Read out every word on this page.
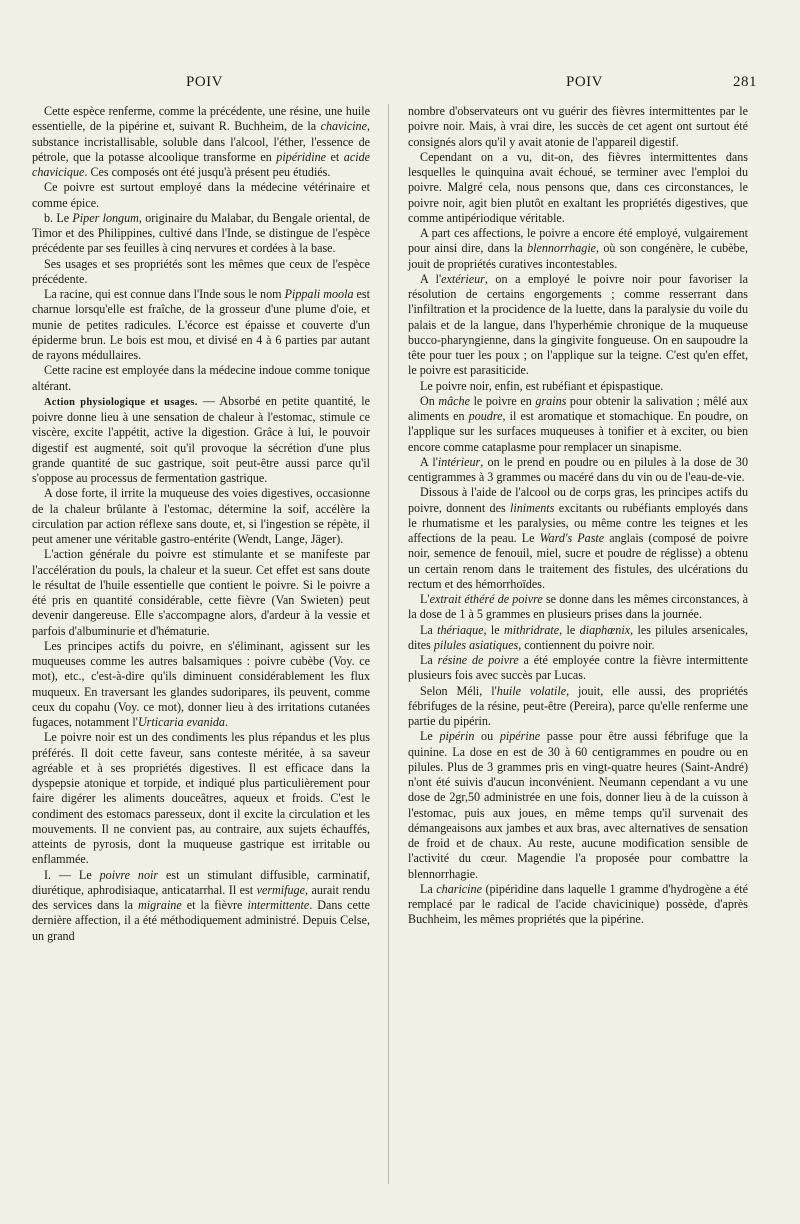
POIV	POIV	281

Cette espèce renferme, comme la précédente, une résine, une huile essentielle, de la pipérine et, suivant R. Buchheim, de la chavicine, substance incristallisable, soluble dans l'alcool, l'éther, l'essence de pétrole, que la potasse alcoolique transforme en pipéridine et acide chavicique. Ces composés ont été jusqu'à présent peu étudiés.

Ce poivre est surtout employé dans la médecine vétérinaire et comme épice.

b. Le Piper longum, originaire du Malabar, du Bengale oriental, de Timor et des Philippines, cultivé dans l'Inde, se distingue de l'espèce précédente par ses feuilles à cinq nervures et cordées à la base.

Ses usages et ses propriétés sont les mêmes que ceux de l'espèce précédente.

La racine, qui est connue dans l'Inde sous le nom Pippali moola est charnue lorsqu'elle est fraîche, de la grosseur d'une plume d'oie, et munie de petites radicules. L'écorce est épaisse et couverte d'un épiderme brun. Le bois est mou, et divisé en 4 à 6 parties par autant de rayons médullaires.

Cette racine est employée dans la médecine indoue comme tonique altérant.

Action physiologique et usages. — Absorbé en petite quantité, le poivre donne lieu à une sensation de chaleur à l'estomac, stimule ce viscère, excite l'appétit, active la digestion. Grâce à lui, le pouvoir digestif est augmenté, soit qu'il provoque la sécrétion d'une plus grande quantité de suc gastrique, soit peut-être aussi parce qu'il s'oppose au processus de fermentation gastrique.

A dose forte, il irrite la muqueuse des voies digestives, occasionne de la chaleur brûlante à l'estomac, détermine la soif, accélère la circulation par action réflexe sans doute, et, si l'ingestion se répète, il peut amener une véritable gastro-entérite (Wendt, Lange, Jäger).

L'action générale du poivre est stimulante et se manifeste par l'accélération du pouls, la chaleur et la sueur. Cet effet est sans doute le résultat de l'huile essentielle que contient le poivre. Si le poivre a été pris en quantité considérable, cette fièvre (Van Swieten) peut devenir dangereuse. Elle s'accompagne alors, d'ardeur à la vessie et parfois d'albuminurie et d'hématurie.

Les principes actifs du poivre, en s'éliminant, agissent sur les muqueuses comme les autres balsamiques : poivre cubèbe (Voy. ce mot), etc., c'est-à-dire qu'ils diminuent considérablement les flux muqueux. En traversant les glandes sudoripares, ils peuvent, comme ceux du copahu (Voy. ce mot), donner lieu à des irritations cutanées fugaces, notamment l'Urticaria evanida.

Le poivre noir est un des condiments les plus répandus et les plus préférés. Il doit cette faveur, sans conteste méritée, à sa saveur agréable et à ses propriétés digestives. Il est efficace dans la dyspepsie atonique et torpide, et indiqué plus particulièrement pour faire digérer les aliments douceâtres, aqueux et froids. C'est le condiment des estomacs paresseux, dont il excite la circulation et les mouvements. Il ne convient pas, au contraire, aux sujets échauffés, atteints de pyrosis, dont la muqueuse gastrique est irritable ou enflammée.

I. — Le poivre noir est un stimulant diffusible, carminatif, diurétique, aphrodisiaque, anticatarrhal. Il est vermifuge, aurait rendu des services dans la migraine et la fièvre intermittente. Dans cette dernière affection, il a été méthodiquement administré. Depuis Celse, un grand

nombre d'observateurs ont vu guérir des fièvres intermittentes par le poivre noir. Mais, à vrai dire, les succès de cet agent ont surtout été consignés alors qu'il y avait atonie de l'appareil digestif.

Cependant on a vu, dit-on, des fièvres intermittentes dans lesquelles le quinquina avait échoué, se terminer avec l'emploi du poivre. Malgré cela, nous pensons que, dans ces circonstances, le poivre noir, agit bien plutôt en exaltant les propriétés digestives, que comme antipériodique véritable.

A part ces affections, le poivre a encore été employé, vulgairement pour ainsi dire, dans la blennorrhagie, où son congénère, le cubèbe, jouit de propriétés curatives incontestables.

A l'extérieur, on a employé le poivre noir pour favoriser la résolution de certains engorgements ; comme resserrant dans l'infiltration et la procidence de la luette, dans la paralysie du voile du palais et de la langue, dans l'hyperhémie chronique de la muqueuse bucco-pharyngienne, dans la gingivite fongueuse. On en saupoudre la tête pour tuer les poux ; on l'applique sur la teigne. C'est qu'en effet, le poivre est parasiticide.

Le poivre noir, enfin, est rubéfiant et épispastique.

On mâche le poivre en grains pour obtenir la salivation ; mêlé aux aliments en poudre, il est aromatique et stomachique. En poudre, on l'applique sur les surfaces muqueuses à tonifier et à exciter, ou bien encore comme cataplasme pour remplacer un sinapisme.

A l'intérieur, on le prend en poudre ou en pilules à la dose de 30 centigrammes à 3 grammes ou macéré dans du vin ou de l'eau-de-vie.

Dissous à l'aide de l'alcool ou de corps gras, les principes actifs du poivre, donnent des liniments excitants ou rubéfiants employés dans le rhumatisme et les paralysies, ou même contre les teignes et les affections de la peau. Le Ward's Paste anglais (composé de poivre noir, semence de fenouil, miel, sucre et poudre de réglisse) a obtenu un certain renom dans le traitement des fistules, des ulcérations du rectum et des hémorrhoïdes.

L'extrait éthéré de poivre se donne dans les mêmes circonstances, à la dose de 1 à 5 grammes en plusieurs prises dans la journée.

La thériaque, le mithridrate, le diaphœnix, les pilules arsenicales, dites pilules asiatiques, contiennent du poivre noir.

La résine de poivre a été employée contre la fièvre intermittente plusieurs fois avec succès par Lucas.

Selon Méli, l'huile volatile, jouit, elle aussi, des propriétés fébrifuges de la résine, peut-être (Pereira), parce qu'elle renferme une partie du pipérin.

Le pipérin ou pipérine passe pour être aussi fébrifuge que la quinine. La dose en est de 30 à 60 centigrammes en poudre ou en pilules. Plus de 3 grammes pris en vingt-quatre heures (Saint-André) n'ont été suivis d'aucun inconvénient. Neumann cependant a vu une dose de 2gr,50 administrée en une fois, donner lieu à de la cuisson à l'estomac, puis aux joues, en même temps qu'il survenait des démangeaisons aux jambes et aux bras, avec alternatives de sensation de froid et de chaux. Au reste, aucune modification sensible de l'activité du cœur. Magendie l'a proposée pour combattre la blennorrhagie.

La charicine (pipéridine dans laquelle 1 gramme d'hydrogène a été remplacé par le radical de l'acide chavicinique) possède, d'après Buchheim, les mêmes propriétés que la pipérine.
